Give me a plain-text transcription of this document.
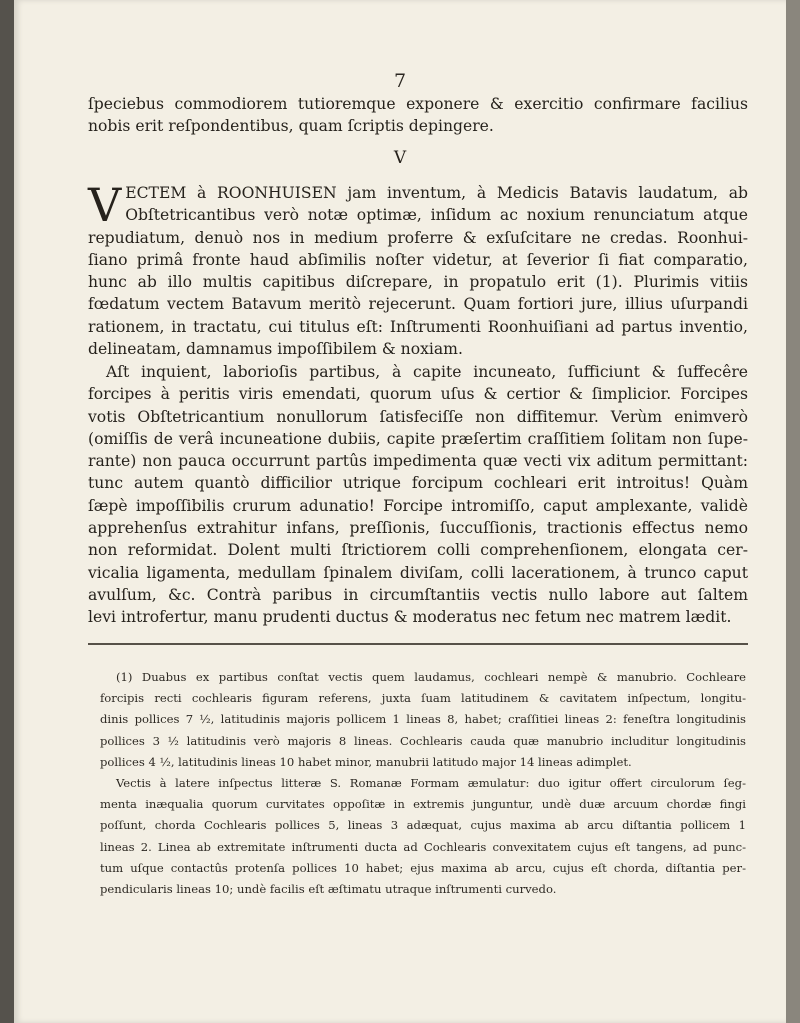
7
ſpeciebus commodiorem tutioremque exponere & exercitio confirmare facilius
nobis erit reſpondentibus, quam ſcriptis depingere.
V
V ECTEM à ROONHUISEN jam inventum, à Medicis Batavis laudatum, ab
Obſtetricantibus verò notæ optimæ, inſidum ac noxium renunciatum atque
repudiatum, denuò nos in medium proferre & exſuſcitare ne credas. Roonhui-
ſiano primâ fronte haud abſimilis noſter videtur, at ſeverior ſi fiat comparatio,
hunc ab illo multis capitibus diſcrepare, in propatulo erit (1). Plurimis vitiis
fœdatum vectem Batavum meritò rejecerunt. Quam fortiori jure, illius uſurpandi
rationem, in tractatu, cui titulus eſt: Inſtrumenti Roonhuiſiani ad partus inventio,
delineatam, damnamus impoſſibilem & noxiam.
Aſt inquient, laborioſis partibus, à capite incuneato, ſufficiunt & ſuffecêre
forcipes à peritis viris emendati, quorum uſus & certior & ſimplicior. Forcipes
votis Obſtetricantium nonullorum ſatisfeciſſe non diffitemur. Verùm enimverò
(omiſſis de verâ incuneatione dubiis, capite præſertim craſſitiem ſolitam non ſupe-
rante) non pauca occurrunt partûs impedimenta quæ vecti vix aditum permittant:
tunc autem quantò difficilior utrique forcipum cochleari erit introitus! Quàm
ſæpè impoſſibilis crurum adunatio! Forcipe intromiſſo, caput amplexante, validè
apprehenſus extrahitur infans, preſſionis, ſuccuſſionis, tractionis effectus nemo
non reformidat. Dolent multi ſtrictiorem colli comprehenſionem, elongata cer-
vicalia ligamenta, medullam ſpinalem diviſam, colli lacerationem, à trunco caput
avulſum, &c. Contrà paribus in circumſtantiis vectis nullo labore aut ſaltem
levi introfertur, manu prudenti ductus & moderatus nec fetum nec matrem lædit.
(1) Duabus ex partibus conſtat vectis quem laudamus, cochleari nempè & manubrio. Cochleare
forcipis recti cochlearis figuram referens, juxta ſuam latitudinem & cavitatem inſpectum, longitu-
dinis pollices 7 ½, latitudinis majoris pollicem 1 lineas 8, habet; craſſitiei lineas 2: feneſtra longitudinis
pollices 3 ½ latitudinis verò majoris 8 lineas. Cochlearis cauda quæ manubrio includitur longitudinis
pollices 4 ½, latitudinis lineas 10 habet minor, manubrii latitudo major 14 lineas adimplet.
Vectis à latere inſpectus litteræ S. Romanæ Formam æmulatur: duo igitur offert circulorum ſeg-
menta inæqualia quorum curvitates oppoſitæ in extremis junguntur, undè duæ arcuum chordæ fingi
poſſunt, chorda Cochlearis pollices 5, lineas 3 adæquat, cujus maxima ab arcu diſtantia pollicem 1
lineas 2. Linea ab extremitate inſtrumenti ducta ad Cochlearis convexitatem cujus eſt tangens, ad punc-
tum uſque contactûs protenſa pollices 10 habet; ejus maxima ab arcu, cujus eſt chorda, diſtantia per-
pendicularis lineas 10; undè facilis eſt æſtimatu utraque inſtrumenti curvedo.
